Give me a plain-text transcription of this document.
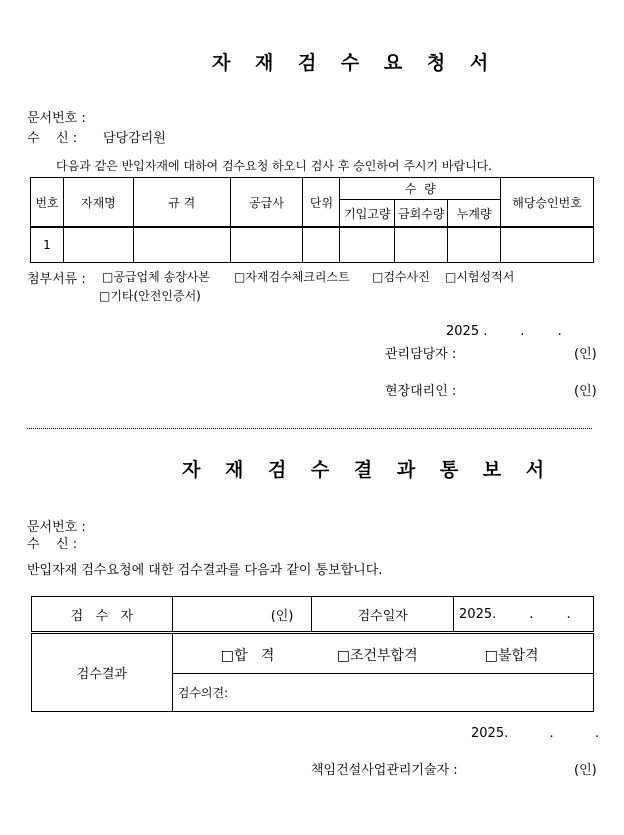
자 재 검 수 요 청 서
문서번호 :
수    신 : 담당감리원
다음과 같은 반입자재에 대하여 검수요청 하오니 검사 후 승인하여 주시기 바랍니다.
번호	자재명	규 격	공급사	단위	수  량			해당승인번호
					기입고량	금회수량	누계량	
1								
첨부서류 : □공급업체 송장사본 □자재검수체크리스트 □검수사진 □시험성적서
□기타(안전인증서)
2025 .        .        .
관리담당자 :	(인)
현장대리인 :	(인)
자 재 검 수 결 과 통 보 서
문서번호 :
수    신 :
반입자재 검수요청에 대한 검수결과를 다음과 같이 통보합니다.
검   수   자	(인)	검수일자	2025.        .        .
검수결과	
□합   격	□조건부합격	□불합격

검수의견:
2025.          .          .
책임건설사업관리기술자 :	(인)
